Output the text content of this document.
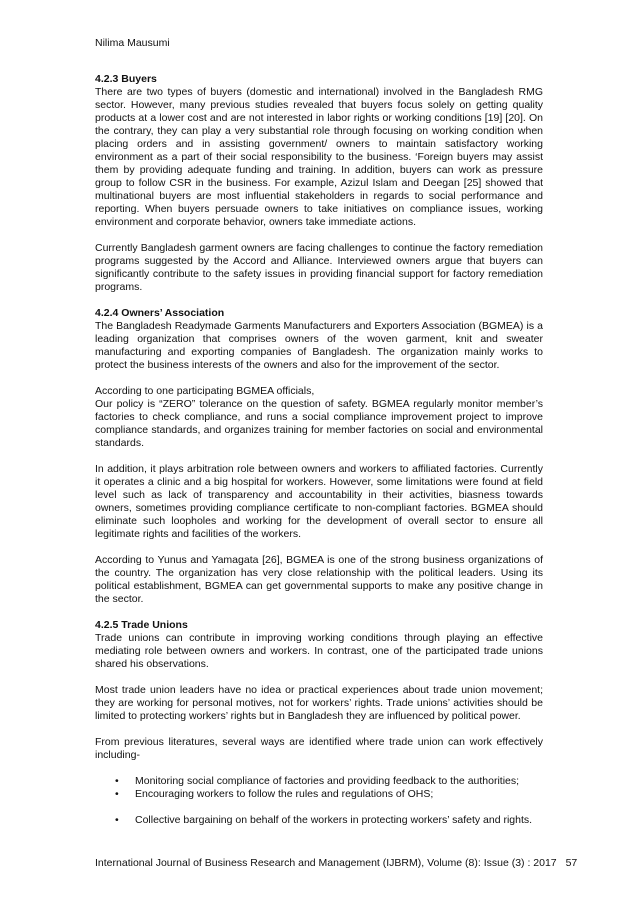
Nilima Mausumi

4.2.3 Buyers

There are two types of buyers (domestic and international) involved in the Bangladesh RMG sector. However, many previous studies revealed that buyers focus solely on getting quality products at a lower cost and are not interested in labor rights or working conditions [19] [20]. On the contrary, they can play a very substantial role through focusing on working condition when placing orders and in assisting government/ owners to maintain satisfactory working environment as a part of their social responsibility to the business. ‘Foreign buyers may assist them by providing adequate funding and training. In addition, buyers can work as pressure group to follow CSR in the business. For example, Azizul Islam and Deegan [25] showed that multinational buyers are most influential stakeholders in regards to social performance and reporting. When buyers persuade owners to take initiatives on compliance issues, working environment and corporate behavior, owners take immediate actions.

Currently Bangladesh garment owners are facing challenges to continue the factory remediation programs suggested by the Accord and Alliance. Interviewed owners argue that buyers can significantly contribute to the safety issues in providing financial support for factory remediation programs.

4.2.4 Owners’ Association

The Bangladesh Readymade Garments Manufacturers and Exporters Association (BGMEA) is a leading organization that comprises owners of the woven garment, knit and sweater manufacturing and exporting companies of Bangladesh. The organization mainly works to protect the business interests of the owners and also for the improvement of the sector.

According to one participating BGMEA officials,

Our policy is “ZERO” tolerance on the question of safety. BGMEA regularly monitor member’s factories to check compliance, and runs a social compliance improvement project to improve compliance standards, and organizes training for member factories on social and environmental standards.

In addition, it plays arbitration role between owners and workers to affiliated factories. Currently it operates a clinic and a big hospital for workers. However, some limitations were found at field level such as lack of transparency and accountability in their activities, biasness towards owners, sometimes providing compliance certificate to non-compliant factories. BGMEA should eliminate such loopholes and working for the development of overall sector to ensure all legitimate rights and facilities of the workers.

According to Yunus and Yamagata [26], BGMEA is one of the strong business organizations of the country. The organization has very close relationship with the political leaders. Using its political establishment, BGMEA can get governmental supports to make any positive change in the sector.

4.2.5 Trade Unions

Trade unions can contribute in improving working conditions through playing an effective mediating role between owners and workers. In contrast, one of the participated trade unions shared his observations.

Most trade union leaders have no idea or practical experiences about trade union movement; they are working for personal motives, not for workers’ rights. Trade unions’ activities should be limited to protecting workers’ rights but in Bangladesh they are influenced by political power.

From previous literatures, several ways are identified where trade union can work effectively including-

• Monitoring social compliance of factories and providing feedback to the authorities;
• Encouraging workers to follow the rules and regulations of OHS;
• Collective bargaining on behalf of the workers in protecting workers’ safety and rights.
International Journal of Business Research and Management (IJBRM), Volume (8): Issue (3) : 2017 57
